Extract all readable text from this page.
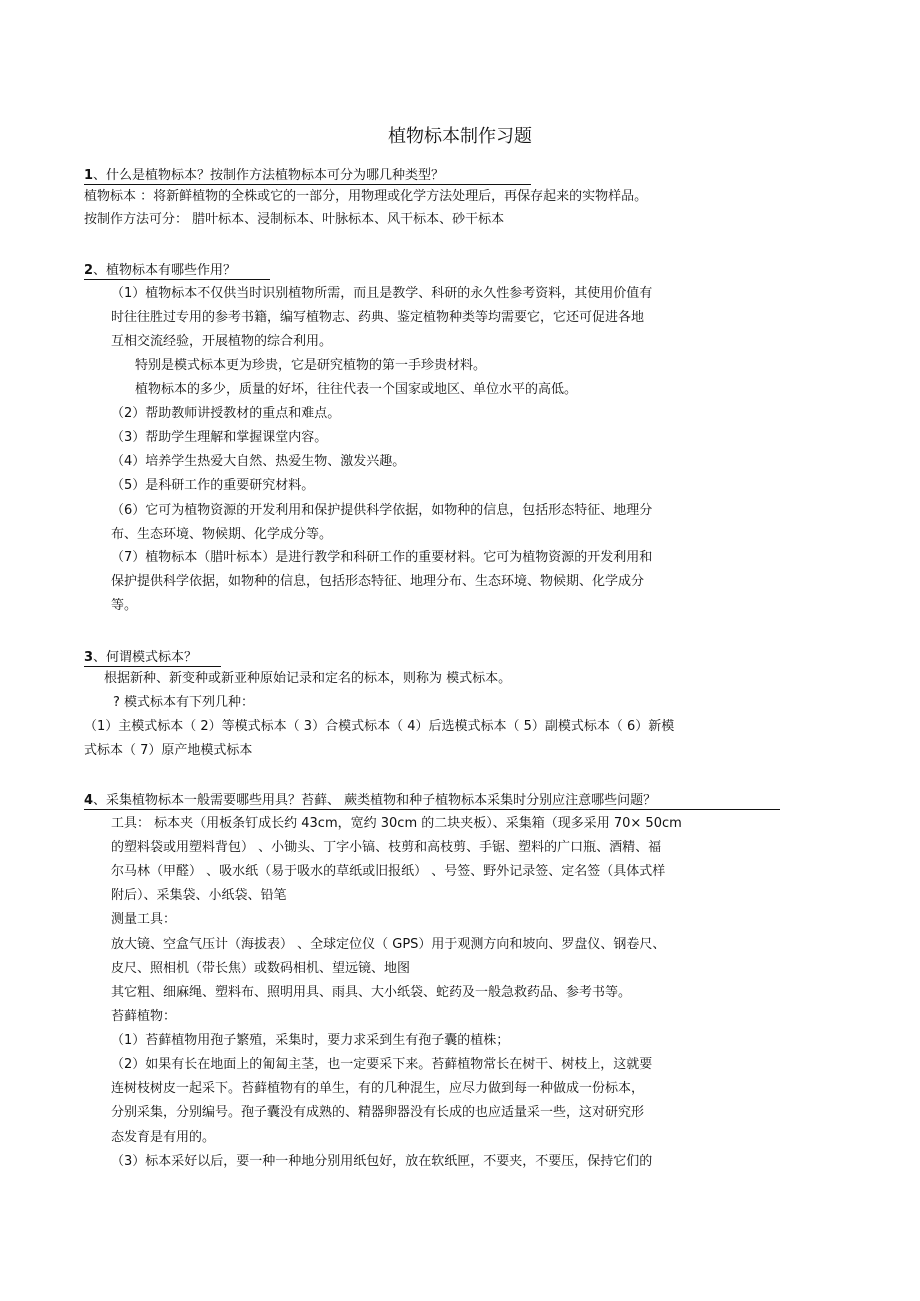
植物标本制作习题
1、什么是植物标本？按制作方法植物标本可分为哪几种类型？
植物标本 ：将新鲜植物的全株或它的一部分，用物理或化学方法处理后，再保存起来的实物样品。
按制作方法可分： 腊叶标本、浸制标本、叶脉标本、风干标本、砂干标本
2、植物标本有哪些作用？
（1）植物标本不仅供当时识别植物所需，而且是教学、科研的永久性参考资料，其使用价值有
时往往胜过专用的参考书籍，编写植物志、药典、鉴定植物种类等均需要它，它还可促进各地
互相交流经验，开展植物的综合利用。
特别是模式标本更为珍贵，它是研究植物的第一手珍贵材料。
植物标本的多少，质量的好坏，往往代表一个国家或地区、单位水平的高低。
（2）帮助教师讲授教材的重点和难点。
（3）帮助学生理解和掌握课堂内容。
（4）培养学生热爱大自然、热爱生物、激发兴趣。
（5）是科研工作的重要研究材料。
（6）它可为植物资源的开发利用和保护提供科学依据，如物种的信息，包括形态特征、地理分
布、生态环境、物候期、化学成分等。
（7）植物标本（腊叶标本）是进行教学和科研工作的重要材料。它可为植物资源的开发利用和
保护提供科学依据，如物种的信息，包括形态特征、地理分布、生态环境、物候期、化学成分
等。
3、何谓模式标本？
根据新种、新变种或新亚种原始记录和定名的标本，则称为 模式标本。
? 模式标本有下列几种：
（1）主模式标本（ 2）等模式标本（ 3）合模式标本（ 4）后选模式标本（ 5）副模式标本（ 6）新模
式标本（ 7）原产地模式标本
4、采集植物标本一般需要哪些用具？苔藓、 蕨类植物和种子植物标本采集时分别应注意哪些问题？
工具： 标本夹（用板条钉成长约 43cm，宽约 30cm 的二块夹板）、采集箱（现多采用 70× 50cm
的塑料袋或用塑料背包） 、小锄头、丁字小镐、枝剪和高枝剪、手锯、塑料的广口瓶、酒精、福
尔马林（甲醛） 、吸水纸（易于吸水的草纸或旧报纸） 、号签、野外记录签、定名签（具体式样
附后）、采集袋、小纸袋、铅笔
测量工具：
放大镜、空盒气压计（海拔表） 、全球定位仪（ GPS）用于观测方向和坡向、罗盘仪、钢卷尺、
皮尺、照相机（带长焦）或数码相机、望远镜、地图
其它粗、细麻绳、塑料布、照明用具、雨具、大小纸袋、蛇药及一般急救药品、参考书等。
苔藓植物：
（1）苔藓植物用孢子繁殖，采集时，要力求采到生有孢子囊的植株；
（2）如果有长在地面上的匍匐主茎，也一定要采下来。苔藓植物常长在树干、树枝上，这就要
连树枝树皮一起采下。苔藓植物有的单生，有的几种混生，应尽力做到每一种做成一份标本，
分别采集，分别编号。孢子囊没有成熟的、精器卵器没有长成的也应适量采一些，这对研究形
态发育是有用的。
（3）标本采好以后，要一种一种地分别用纸包好，放在软纸匣，不要夹，不要压，保持它们的
